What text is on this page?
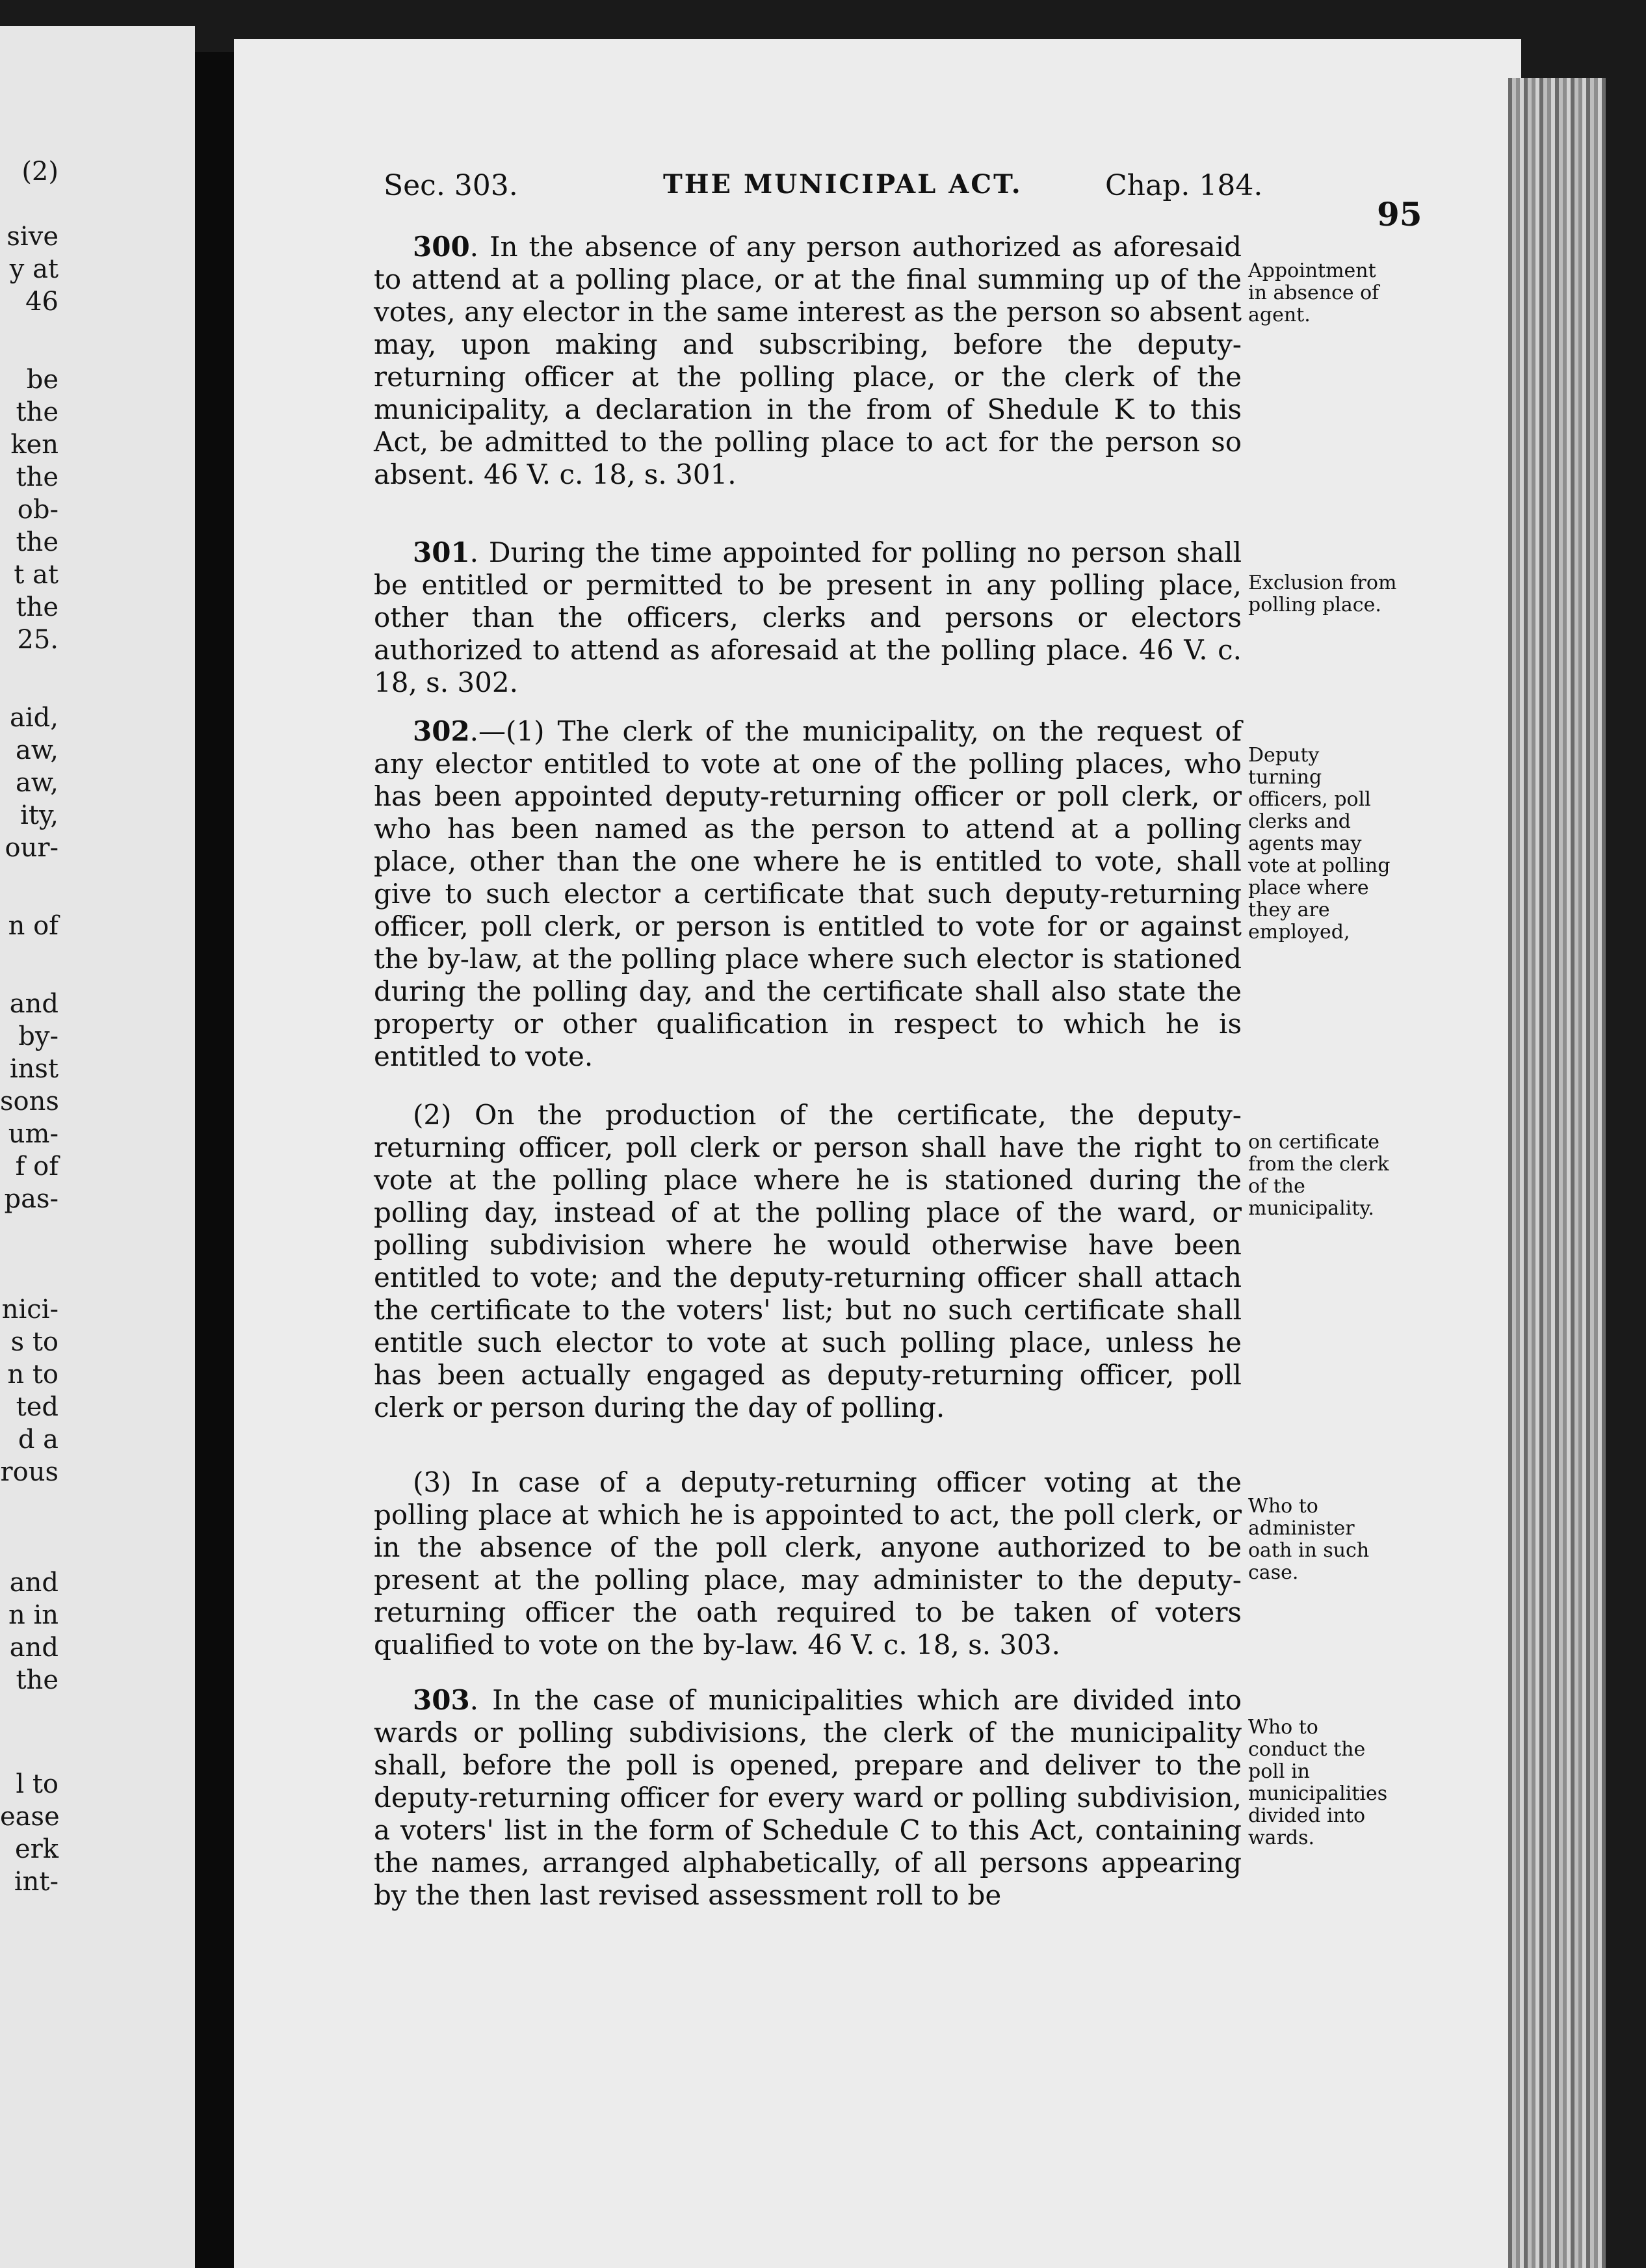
(2)
sive
y at
46
be
the
ken
the
ob-
the
t at
the
25.
aid,
aw,
aw,
ity,
our-
n of
and
by-
inst
sons
um-
f of
pas-
nici-
s to
n to
ted
d a
rous
and
n in
and
the
l to
ease
erk
int-
Sec. 303.	THE MUNICIPAL ACT.	Chap. 184.
95

300. In the absence of any person authorized as aforesaid to attend at a polling place, or at the final summing up of the votes, any elector in the same interest as the person so absent may, upon making and subscribing, before the deputy-returning officer at the polling place, or the clerk of the municipality, a declaration in the from of Shedule K to this Act, be admitted to the polling place to act for the person so absent. 46 V. c. 18, s. 301.

Appointment in absence of agent.

301. During the time appointed for polling no person shall be entitled or permitted to be present in any polling place, other than the officers, clerks and persons or electors authorized to attend as aforesaid at the polling place. 46 V. c. 18, s. 302.

Exclusion from polling place.

302.—(1) The clerk of the municipality, on the request of any elector entitled to vote at one of the polling places, who has been appointed deputy-returning officer or poll clerk, or who has been named as the person to attend at a polling place, other than the one where he is entitled to vote, shall give to such elector a certificate that such deputy-returning officer, poll clerk, or person is entitled to vote for or against the by-law, at the polling place where such elector is stationed during the polling day, and the certificate shall also state the property or other qualification in respect to which he is entitled to vote.

Deputy turning officers, poll clerks and agents may vote at polling place where they are employed,

(2) On the production of the certificate, the deputy-returning officer, poll clerk or person shall have the right to vote at the polling place where he is stationed during the polling day, instead of at the polling place of the ward, or polling subdivision where he would otherwise have been entitled to vote; and the deputy-returning officer shall attach the certificate to the voters' list; but no such certificate shall entitle such elector to vote at such polling place, unless he has been actually engaged as deputy-returning officer, poll clerk or person during the day of polling.

on certificate from the clerk of the municipality.

(3) In case of a deputy-returning officer voting at the polling place at which he is appointed to act, the poll clerk, or in the absence of the poll clerk, anyone authorized to be present at the polling place, may administer to the deputy-returning officer the oath required to be taken of voters qualified to vote on the by-law. 46 V. c. 18, s. 303.

Who to administer oath in such case.

303. In the case of municipalities which are divided into wards or polling subdivisions, the clerk of the municipality shall, before the poll is opened, prepare and deliver to the deputy-returning officer for every ward or polling subdivision, a voters' list in the form of Schedule C to this Act, containing the names, arranged alphabetically, of all persons appearing by the then last revised assessment roll to be

Who to conduct the poll in municipalities divided into wards.
